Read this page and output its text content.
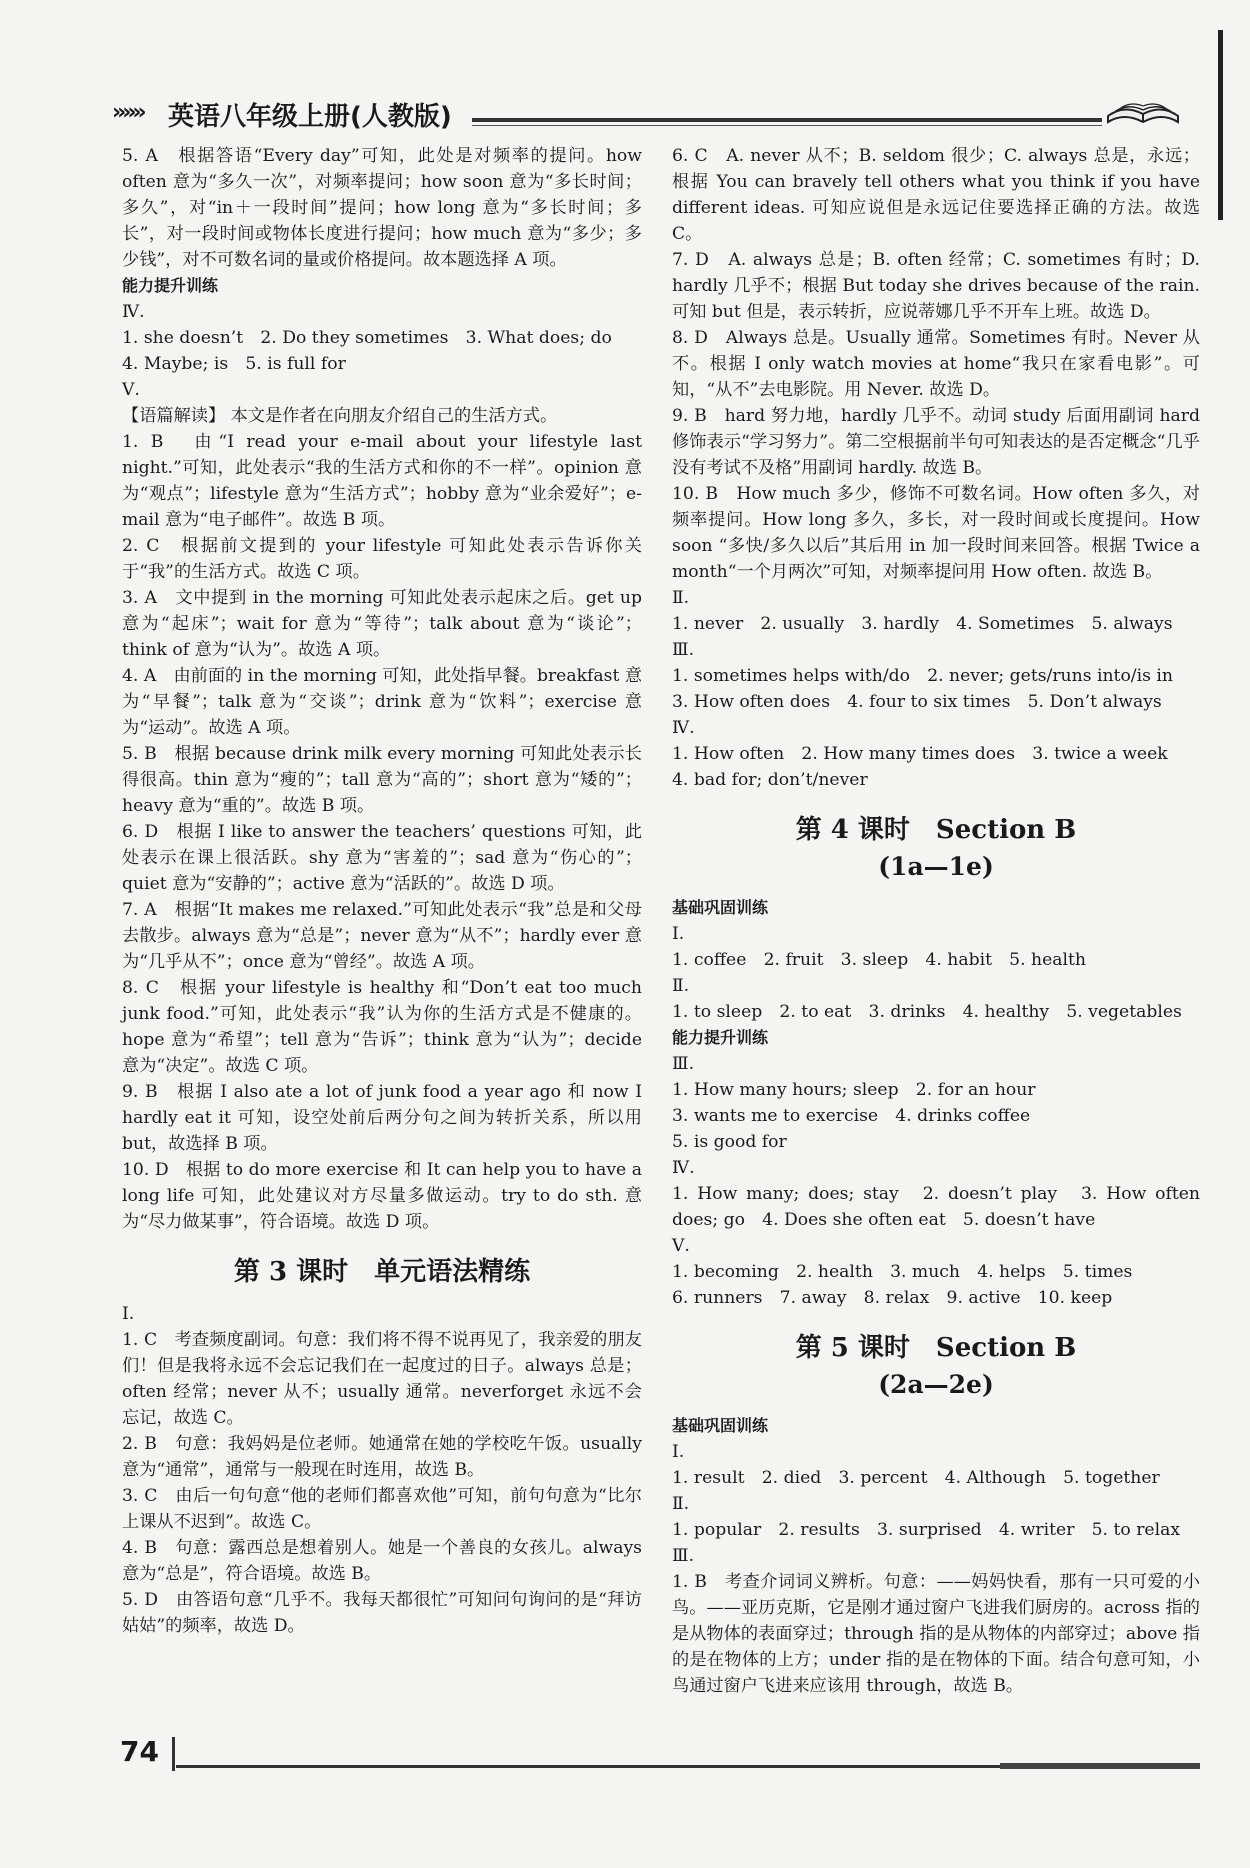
»»» 英语八年级上册(人教版)

5. A　根据答语“Every day”可知，此处是对频率的提问。how often 意为“多久一次”，对频率提问；how soon 意为“多长时间；多久”，对“in＋一段时间”提问；how long 意为“多长时间；多长”，对一段时间或物体长度进行提问；how much 意为“多少；多少钱”，对不可数名词的量或价格提问。故本题选择 A 项。

能力提升训练

Ⅳ.

1. she doesn’t　2. Do they sometimes　3. What does; do

4. Maybe; is　5. is full for

Ⅴ.

【语篇解读】 本文是作者在向朋友介绍自己的生活方式。

1. B　由“I read your e-mail about your lifestyle last night.”可知，此处表示“我的生活方式和你的不一样”。opinion 意为“观点”；lifestyle 意为“生活方式”；hobby 意为“业余爱好”；e-mail 意为“电子邮件”。故选 B 项。

2. C　根据前文提到的 your lifestyle 可知此处表示告诉你关于“我”的生活方式。故选 C 项。

3. A　文中提到 in the morning 可知此处表示起床之后。get up 意为“起床”；wait for 意为“等待”；talk about 意为“谈论”；think of 意为“认为”。故选 A 项。

4. A　由前面的 in the morning 可知，此处指早餐。breakfast 意为“早餐”；talk 意为“交谈”；drink 意为“饮料”；exercise 意为“运动”。故选 A 项。

5. B　根据 because drink milk every morning 可知此处表示长得很高。thin 意为“瘦的”；tall 意为“高的”；short 意为“矮的”；heavy 意为“重的”。故选 B 项。

6. D　根据 I like to answer the teachers’ questions 可知，此处表示在课上很活跃。shy 意为“害羞的”；sad 意为“伤心的”；quiet 意为“安静的”；active 意为“活跃的”。故选 D 项。

7. A　根据“It makes me relaxed.”可知此处表示“我”总是和父母去散步。always 意为“总是”；never 意为“从不”；hardly ever 意为“几乎从不”；once 意为“曾经”。故选 A 项。

8. C　根据 your lifestyle is healthy 和“Don’t eat too much junk food.”可知，此处表示“我”认为你的生活方式是不健康的。hope 意为“希望”；tell 意为“告诉”；think 意为“认为”；decide 意为“决定”。故选 C 项。

9. B　根据 I also ate a lot of junk food a year ago 和 now I hardly eat it 可知，设空处前后两分句之间为转折关系，所以用 but，故选择 B 项。

10. D　根据 to do more exercise 和 It can help you to have a long life 可知，此处建议对方尽量多做运动。try to do sth. 意为“尽力做某事”，符合语境。故选 D 项。

第 3 课时　单元语法精练

Ⅰ.

1. C　考查频度副词。句意：我们将不得不说再见了，我亲爱的朋友们！但是我将永远不会忘记我们在一起度过的日子。always 总是；often 经常；never 从不；usually 通常。neverforget 永远不会忘记，故选 C。

2. B　句意：我妈妈是位老师。她通常在她的学校吃午饭。usually 意为“通常”，通常与一般现在时连用，故选 B。

3. C　由后一句句意“他的老师们都喜欢他”可知，前句句意为“比尔上课从不迟到”。故选 C。

4. B　句意：露西总是想着别人。她是一个善良的女孩儿。always 意为“总是”，符合语境。故选 B。

5. D　由答语句意“几乎不。我每天都很忙”可知问句询问的是“拜访姑姑”的频率，故选 D。

6. C　A. never 从不；B. seldom 很少；C. always 总是，永远；根据 You can bravely tell others what you think if you have different ideas. 可知应说但是永远记住要选择正确的方法。故选 C。

7. D　A. always 总是；B. often 经常；C. sometimes 有时；D. hardly 几乎不；根据 But today she drives because of the rain. 可知 but 但是，表示转折，应说蒂娜几乎不开车上班。故选 D。

8. D　Always 总是。Usually 通常。Sometimes 有时。Never 从不。根据 I only watch movies at home“我只在家看电影”。可知，“从不”去电影院。用 Never. 故选 D。

9. B　hard 努力地，hardly 几乎不。动词 study 后面用副词 hard 修饰表示“学习努力”。第二空根据前半句可知表达的是否定概念“几乎没有考试不及格”用副词 hardly. 故选 B。

10. B　How much 多少，修饰不可数名词。How often 多久，对频率提问。How long 多久，多长，对一段时间或长度提问。How soon “多快/多久以后”其后用 in 加一段时间来回答。根据 Twice a month“一个月两次”可知，对频率提问用 How often. 故选 B。

Ⅱ.

1. never　2. usually　3. hardly　4. Sometimes　5. always

Ⅲ.

1. sometimes helps with/do　2. never; gets/runs into/is in

3. How often does　4. four to six times　5. Don’t always

Ⅳ.

1. How often　2. How many times does　3. twice a week

4. bad for; don’t/never

第 4 课时　Section B
(1a—1e)

基础巩固训练

Ⅰ.

1. coffee　2. fruit　3. sleep　4. habit　5. health

Ⅱ.

1. to sleep　2. to eat　3. drinks　4. healthy　5. vegetables

能力提升训练

Ⅲ.

1. How many hours; sleep　2. for an hour

3. wants me to exercise　4. drinks coffee

5. is good for

Ⅳ.

1. How many; does; stay　2. doesn’t play　3. How often does; go　4. Does she often eat　5. doesn’t have

Ⅴ.

1. becoming　2. health　3. much　4. helps　5. times

6. runners　7. away　8. relax　9. active　10. keep

第 5 课时　Section B
(2a—2e)

基础巩固训练

Ⅰ.

1. result　2. died　3. percent　4. Although　5. together

Ⅱ.

1. popular　2. results　3. surprised　4. writer　5. to relax

Ⅲ.

1. B　考查介词词义辨析。句意：——妈妈快看，那有一只可爱的小鸟。——亚历克斯，它是刚才通过窗户飞进我们厨房的。across 指的是从物体的表面穿过；through 指的是从物体的内部穿过；above 指的是在物体的上方；under 指的是在物体的下面。结合句意可知，小鸟通过窗户飞进来应该用 through，故选 B。

74
